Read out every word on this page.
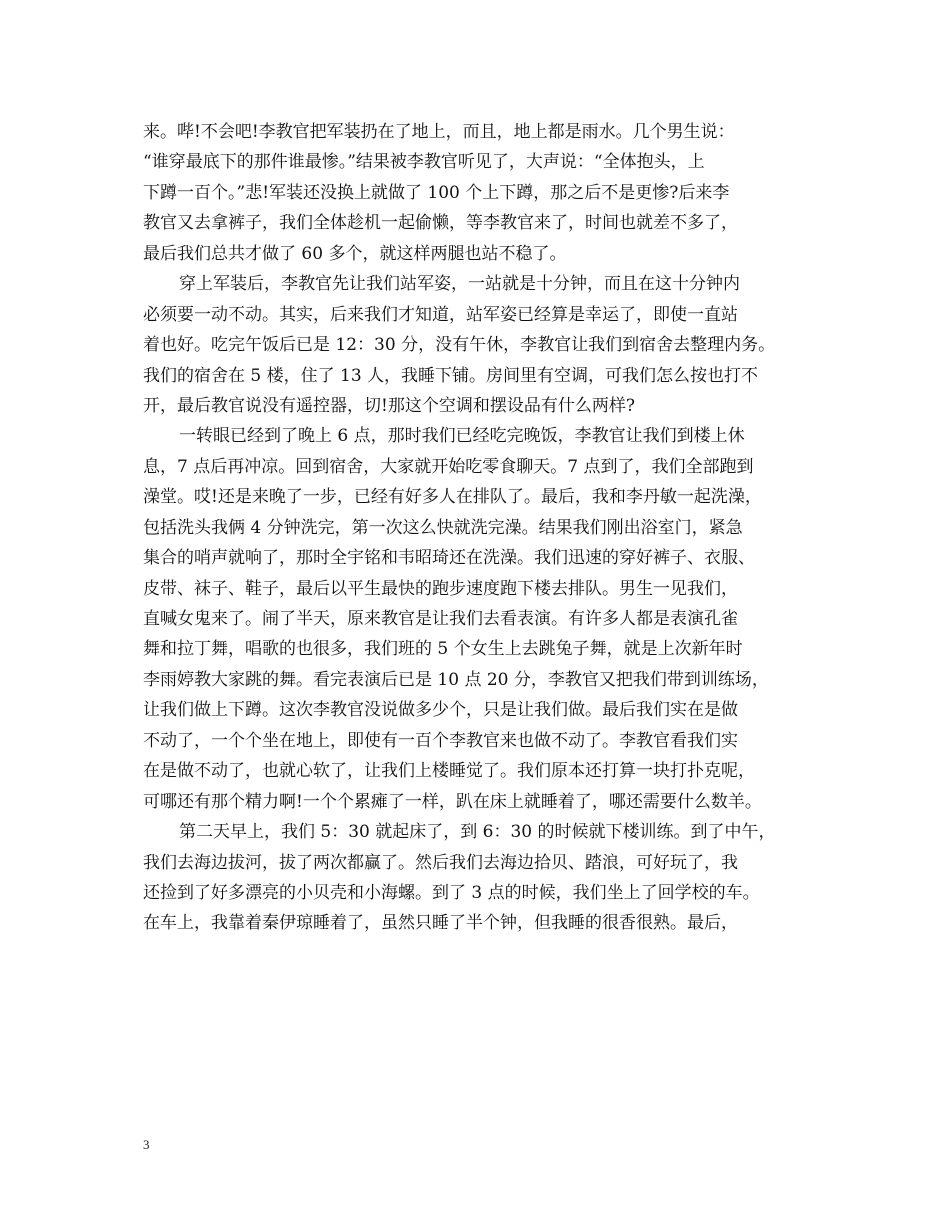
来。哔!不会吧!李教官把军装扔在了地上，而且，地上都是雨水。几个男生说：
“谁穿最底下的那件谁最惨。”结果被李教官听见了，大声说：“全体抱头，上
下蹲一百个。”悲!军装还没换上就做了 100 个上下蹲，那之后不是更惨?后来李
教官又去拿裤子，我们全体趁机一起偷懒，等李教官来了，时间也就差不多了，
最后我们总共才做了 60 多个，就这样两腿也站不稳了。
穿上军装后，李教官先让我们站军姿，一站就是十分钟，而且在这十分钟内
必须要一动不动。其实，后来我们才知道，站军姿已经算是幸运了，即使一直站
着也好。吃完午饭后已是 12：30 分，没有午休，李教官让我们到宿舍去整理内务。
我们的宿舍在 5 楼，住了 13 人，我睡下铺。房间里有空调，可我们怎么按也打不
开，最后教官说没有遥控器，切!那这个空调和摆设品有什么两样?
一转眼已经到了晚上 6 点，那时我们已经吃完晚饭，李教官让我们到楼上休
息，7 点后再冲凉。回到宿舍，大家就开始吃零食聊天。7 点到了，我们全部跑到
澡堂。哎!还是来晚了一步，已经有好多人在排队了。最后，我和李丹敏一起洗澡，
包括洗头我俩 4 分钟洗完，第一次这么快就洗完澡。结果我们刚出浴室门，紧急
集合的哨声就响了，那时全宇铭和韦昭琦还在洗澡。我们迅速的穿好裤子、衣服、
皮带、袜子、鞋子，最后以平生最快的跑步速度跑下楼去排队。男生一见我们，
直喊女鬼来了。闹了半天，原来教官是让我们去看表演。有许多人都是表演孔雀
舞和拉丁舞，唱歌的也很多，我们班的 5 个女生上去跳兔子舞，就是上次新年时
李雨婷教大家跳的舞。看完表演后已是 10 点 20 分，李教官又把我们带到训练场，
让我们做上下蹲。这次李教官没说做多少个，只是让我们做。最后我们实在是做
不动了，一个个坐在地上，即使有一百个李教官来也做不动了。李教官看我们实
在是做不动了，也就心软了，让我们上楼睡觉了。我们原本还打算一块打扑克呢，
可哪还有那个精力啊!一个个累瘫了一样，趴在床上就睡着了，哪还需要什么数羊。
第二天早上，我们 5：30 就起床了，到 6：30 的时候就下楼训练。到了中午，
我们去海边拔河，拔了两次都赢了。然后我们去海边拾贝、踏浪，可好玩了，我
还捡到了好多漂亮的小贝壳和小海螺。到了 3 点的时候，我们坐上了回学校的车。
在车上，我靠着秦伊琼睡着了，虽然只睡了半个钟，但我睡的很香很熟。最后，
3
